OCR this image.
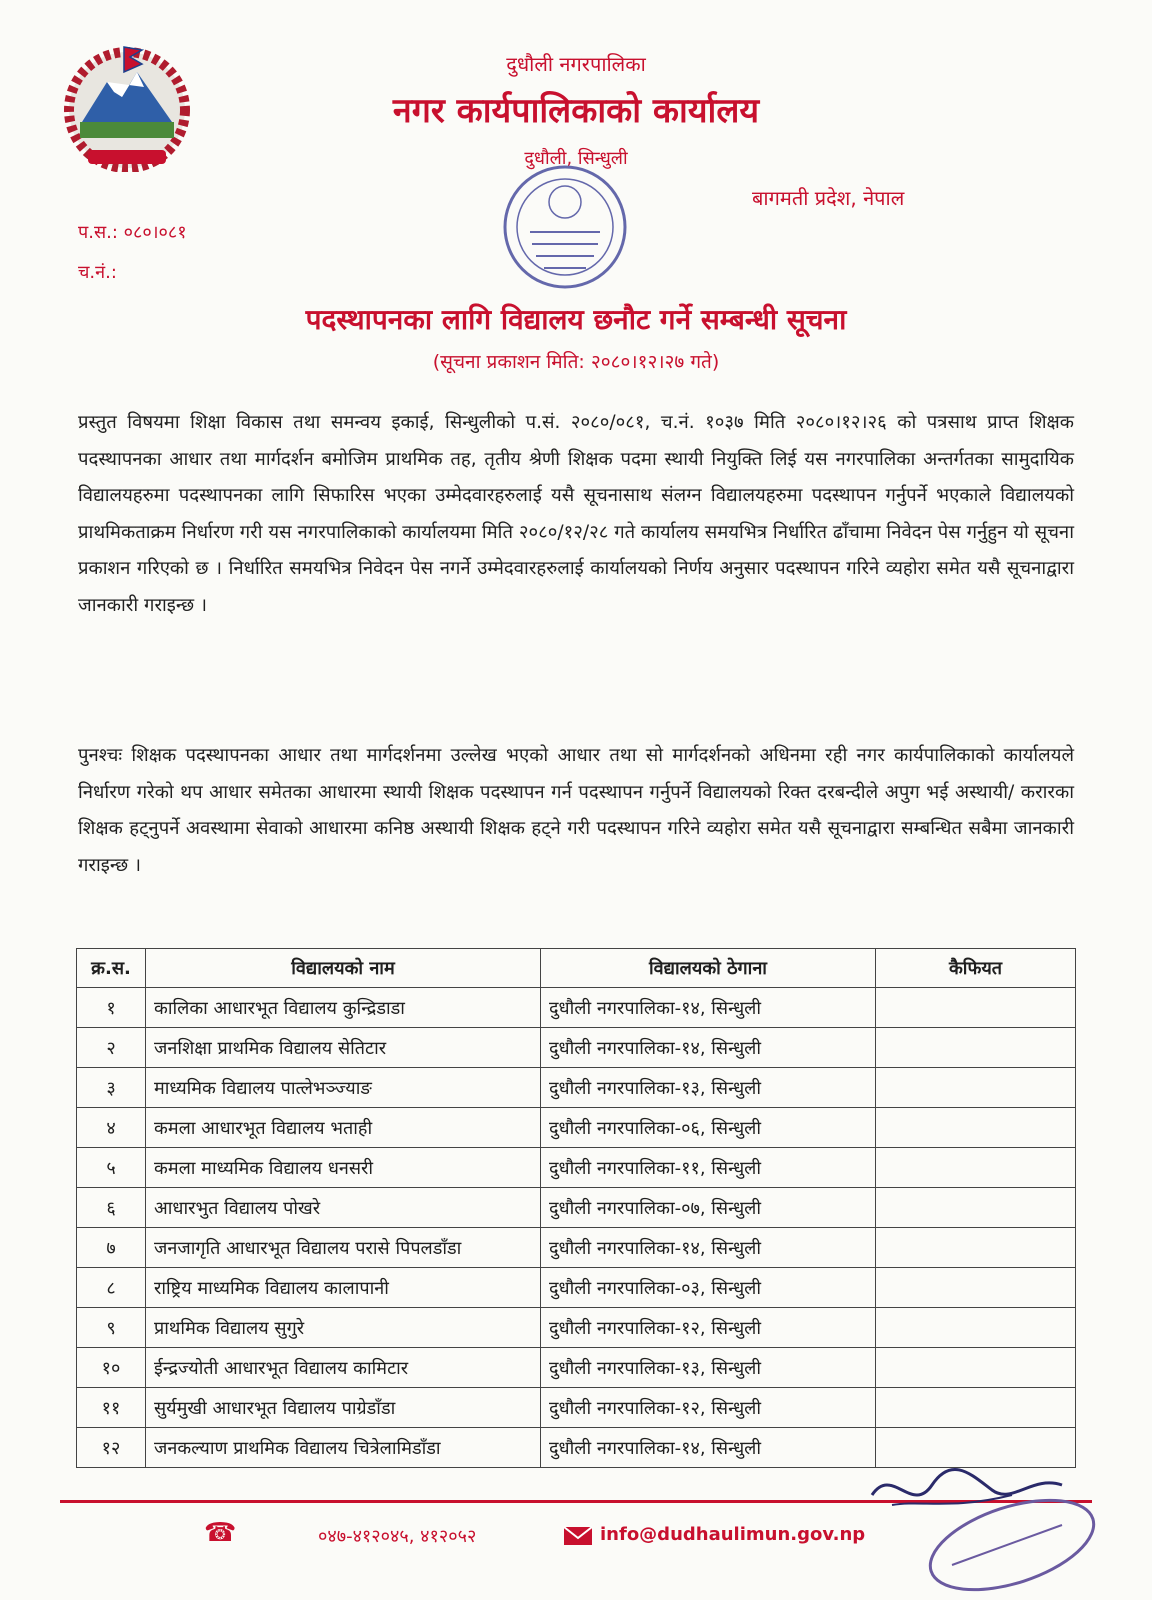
दुधौली नगरपालिका
नगर कार्यपालिकाको कार्यालय
दुधौली, सिन्धुली
बागमती प्रदेश, नेपाल
प.स.: ०८०।०८१
च.नं.:
पदस्थापनका लागि विद्यालय छनौट गर्ने सम्बन्धी सूचना
(सूचना प्रकाशन मिति: २०८०।१२।२७ गते)
प्रस्तुत विषयमा शिक्षा विकास तथा समन्वय इकाई, सिन्धुलीको प.सं. २०८०/०८१, च.नं. १०३७ मिति २०८०।१२।२६ को पत्रसाथ प्राप्त शिक्षक पदस्थापनका आधार तथा मार्गदर्शन बमोजिम प्राथमिक तह, तृतीय श्रेणी शिक्षक पदमा स्थायी नियुक्ति लिई यस नगरपालिका अन्तर्गतका सामुदायिक विद्यालयहरुमा पदस्थापनका लागि सिफारिस भएका उम्मेदवारहरुलाई यसै सूचनासाथ संलग्न विद्यालयहरुमा पदस्थापन गर्नुपर्ने भएकाले विद्यालयको प्राथमिकताक्रम निर्धारण गरी यस नगरपालिकाको कार्यालयमा मिति २०८०/१२/२८ गते कार्यालय समयभित्र निर्धारित ढाँचामा निवेदन पेस गर्नुहुन यो सूचना प्रकाशन गरिएको छ । निर्धारित समयभित्र निवेदन पेस नगर्ने उम्मेदवारहरुलाई कार्यालयको निर्णय अनुसार पदस्थापन गरिने व्यहोरा समेत यसै सूचनाद्वारा जानकारी गराइन्छ ।
पुनश्चः शिक्षक पदस्थापनका आधार तथा मार्गदर्शनमा उल्लेख भएको आधार तथा सो मार्गदर्शनको अधिनमा रही नगर कार्यपालिकाको कार्यालयले निर्धारण गरेको थप आधार समेतका आधारमा स्थायी शिक्षक पदस्थापन गर्न पदस्थापन गर्नुपर्ने विद्यालयको रिक्त दरबन्दीले अपुग भई अस्थायी/ करारका शिक्षक हट्नुपर्ने अवस्थामा सेवाको आधारमा कनिष्ठ अस्थायी शिक्षक हट्ने गरी पदस्थापन गरिने व्यहोरा समेत यसै सूचनाद्वारा सम्बन्धित सबैमा जानकारी गराइन्छ ।
क्र.स.	विद्यालयको नाम	विद्यालयको ठेगाना	कैफियत
१	कालिका आधारभूत विद्यालय कुन्द्रिडाडा	दुधौली नगरपालिका-१४, सिन्धुली	
२	जनशिक्षा प्राथमिक विद्यालय सेतिटार	दुधौली नगरपालिका-१४, सिन्धुली	
३	माध्यमिक विद्यालय पात्लेभञ्ज्याङ	दुधौली नगरपालिका-१३, सिन्धुली	
४	कमला आधारभूत विद्यालय भताही	दुधौली नगरपालिका-०६, सिन्धुली	
५	कमला माध्यमिक विद्यालय धनसरी	दुधौली नगरपालिका-११, सिन्धुली	
६	आधारभुत विद्यालय पोखरे	दुधौली नगरपालिका-०७, सिन्धुली	
७	जनजागृति आधारभूत विद्यालय परासे पिपलडाँडा	दुधौली नगरपालिका-१४, सिन्धुली	
८	राष्ट्रिय माध्यमिक विद्यालय कालापानी	दुधौली नगरपालिका-०३, सिन्धुली	
९	प्राथमिक विद्यालय सुगुरे	दुधौली नगरपालिका-१२, सिन्धुली	
१०	ईन्द्रज्योती आधारभूत विद्यालय कामिटार	दुधौली नगरपालिका-१३, सिन्धुली	
११	सुर्यमुखी आधारभूत विद्यालय पाग्रेडाँडा	दुधौली नगरपालिका-१२, सिन्धुली	
१२	जनकल्याण प्राथमिक विद्यालय चित्रेलामिडाँडा	दुधौली नगरपालिका-१४, सिन्धुली	
☎	०४७-४१२०४५, ४१२०५२	info@dudhaulimun.gov.np
